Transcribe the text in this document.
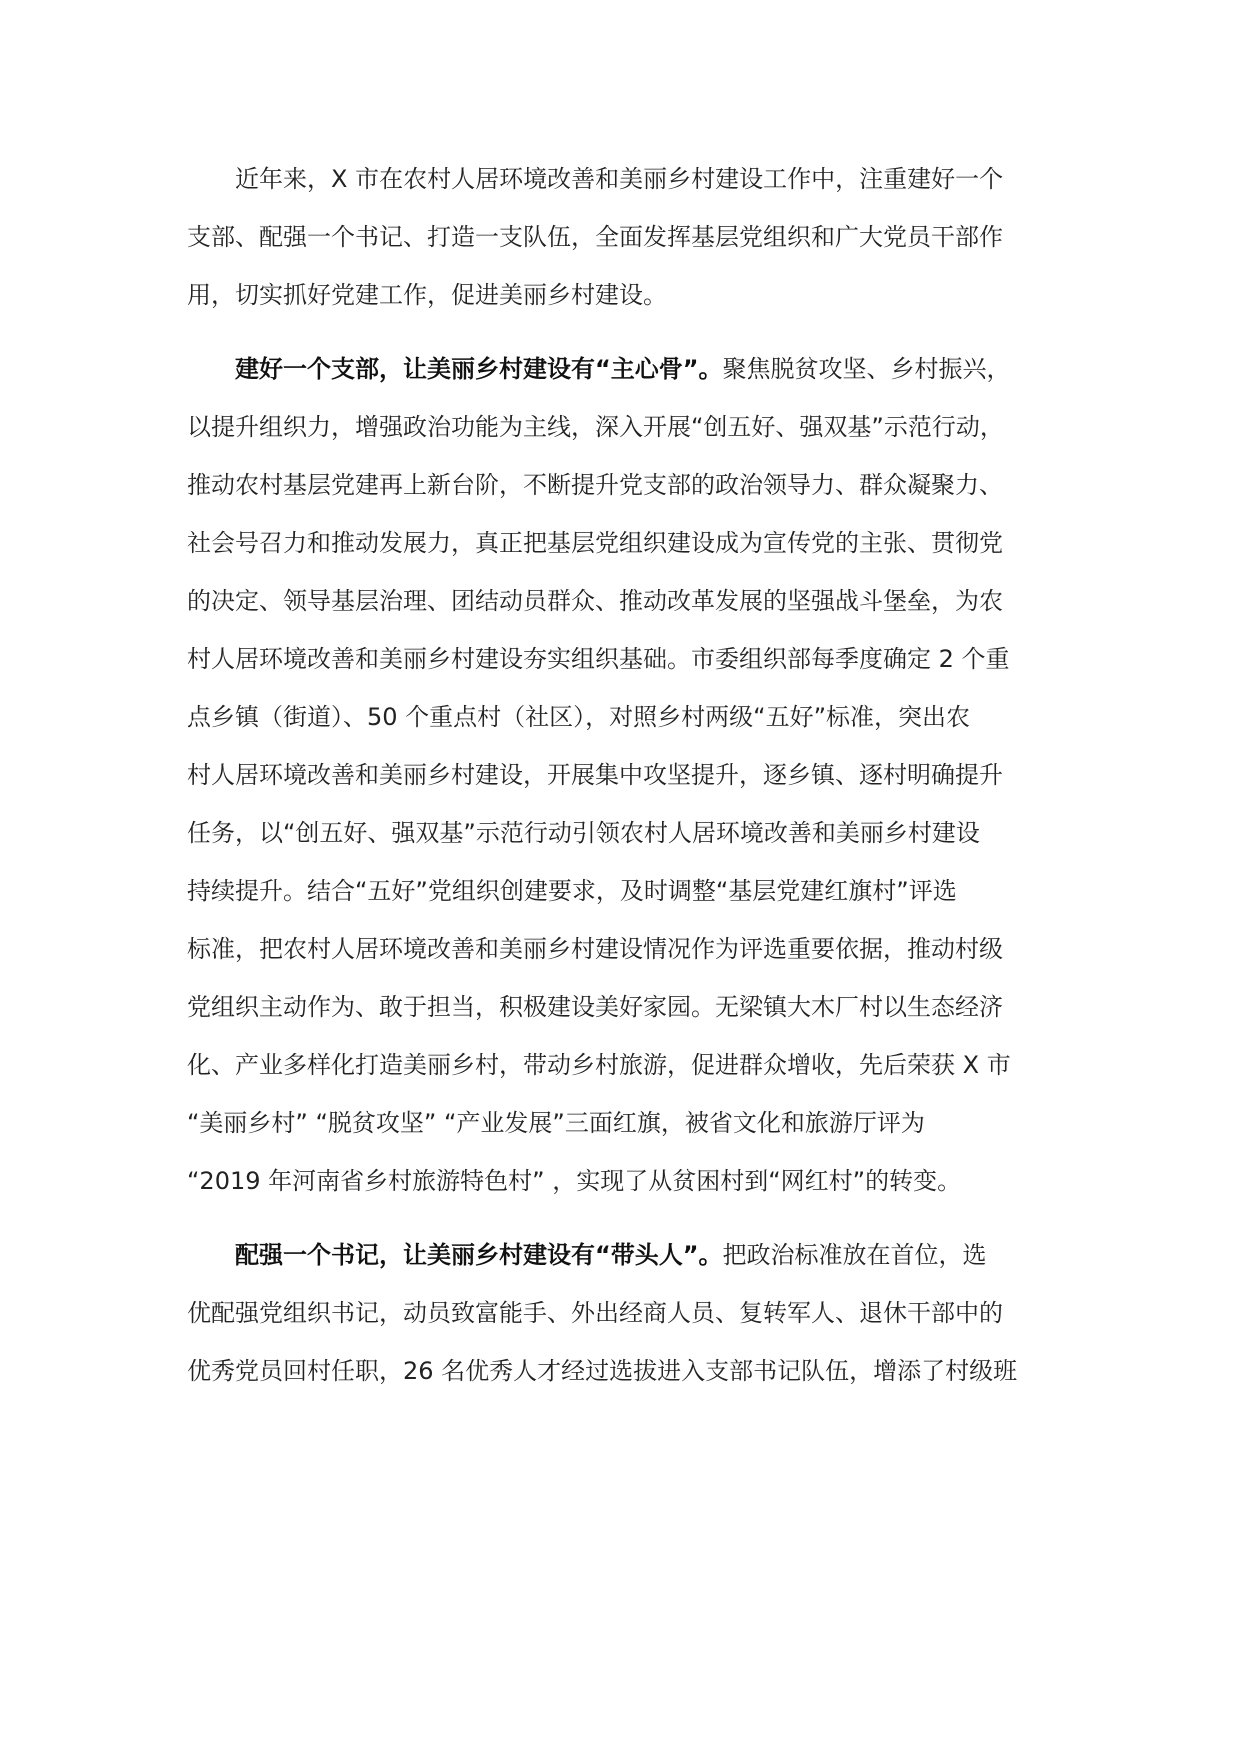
近年来，X 市在农村人居环境改善和美丽乡村建设工作中，注重建好一个

支部、配强一个书记、打造一支队伍，全面发挥基层党组织和广大党员干部作

用，切实抓好党建工作，促进美丽乡村建设。

建好一个支部，让美丽乡村建设有“主心骨”。聚焦脱贫攻坚、乡村振兴，

以提升组织力，增强政治功能为主线，深入开展“创五好、强双基”示范行动，

推动农村基层党建再上新台阶，不断提升党支部的政治领导力、群众凝聚力、

社会号召力和推动发展力，真正把基层党组织建设成为宣传党的主张、贯彻党

的决定、领导基层治理、团结动员群众、推动改革发展的坚强战斗堡垒，为农

村人居环境改善和美丽乡村建设夯实组织基础。市委组织部每季度确定 2 个重

点乡镇（街道）、50 个重点村（社区），对照乡村两级“五好”标准，突出农

村人居环境改善和美丽乡村建设，开展集中攻坚提升，逐乡镇、逐村明确提升

任务，以“创五好、强双基”示范行动引领农村人居环境改善和美丽乡村建设

持续提升。结合“五好”党组织创建要求，及时调整“基层党建红旗村”评选

标准，把农村人居环境改善和美丽乡村建设情况作为评选重要依据，推动村级

党组织主动作为、敢于担当，积极建设美好家园。无梁镇大木厂村以生态经济

化、产业多样化打造美丽乡村，带动乡村旅游，促进群众增收，先后荣获 X 市

“美丽乡村” “脱贫攻坚” “产业发展”三面红旗，被省文化和旅游厅评为

“2019 年河南省乡村旅游特色村” ，实现了从贫困村到“网红村”的转变。

配强一个书记，让美丽乡村建设有“带头人”。把政治标准放在首位，选

优配强党组织书记，动员致富能手、外出经商人员、复转军人、退休干部中的

优秀党员回村任职，26 名优秀人才经过选拔进入支部书记队伍，增添了村级班
